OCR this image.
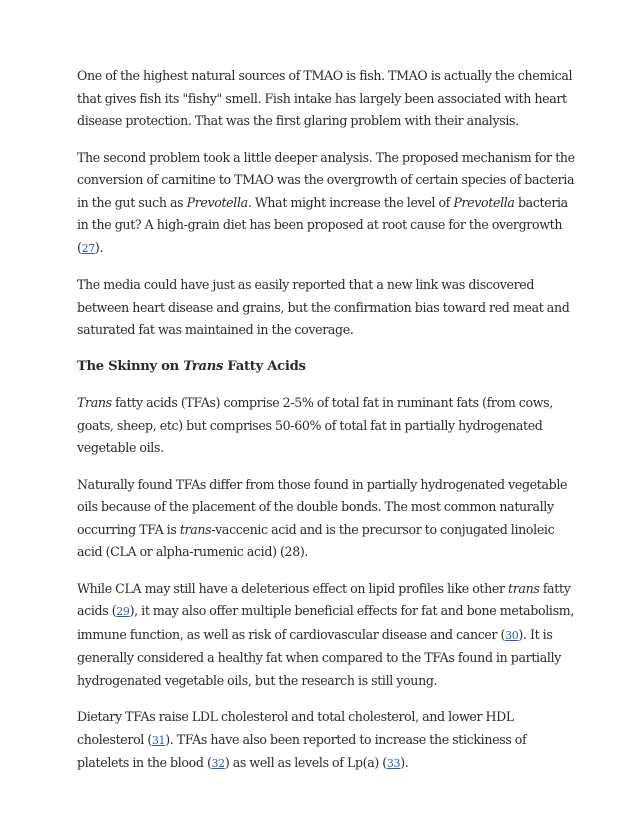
One of the highest natural sources of TMAO is fish. TMAO is actually the chemical that gives fish its "fishy" smell. Fish intake has largely been associated with heart disease protection. That was the first glaring problem with their analysis.

The second problem took a little deeper analysis. The proposed mechanism for the conversion of carnitine to TMAO was the overgrowth of certain species of bacteria in the gut such as Prevotella. What might increase the level of Prevotella bacteria in the gut? A high-grain diet has been proposed at root cause for the overgrowth (27).

The media could have just as easily reported that a new link was discovered between heart disease and grains, but the confirmation bias toward red meat and saturated fat was maintained in the coverage.

The Skinny on Trans Fatty Acids

Trans fatty acids (TFAs) comprise 2-5% of total fat in ruminant fats (from cows, goats, sheep, etc) but comprises 50-60% of total fat in partially hydrogenated vegetable oils.

Naturally found TFAs differ from those found in partially hydrogenated vegetable oils because of the placement of the double bonds. The most common naturally occurring TFA is trans-vaccenic acid and is the precursor to conjugated linoleic acid (CLA or alpha-rumenic acid) (28).

While CLA may still have a deleterious effect on lipid profiles like other trans fatty acids (29), it may also offer multiple beneficial effects for fat and bone metabolism, immune function, as well as risk of cardiovascular disease and cancer (30). It is generally considered a healthy fat when compared to the TFAs found in partially hydrogenated vegetable oils, but the research is still young.

Dietary TFAs raise LDL cholesterol and total cholesterol, and lower HDL cholesterol (31). TFAs have also been reported to increase the stickiness of platelets in the blood (32) as well as levels of Lp(a) (33).
